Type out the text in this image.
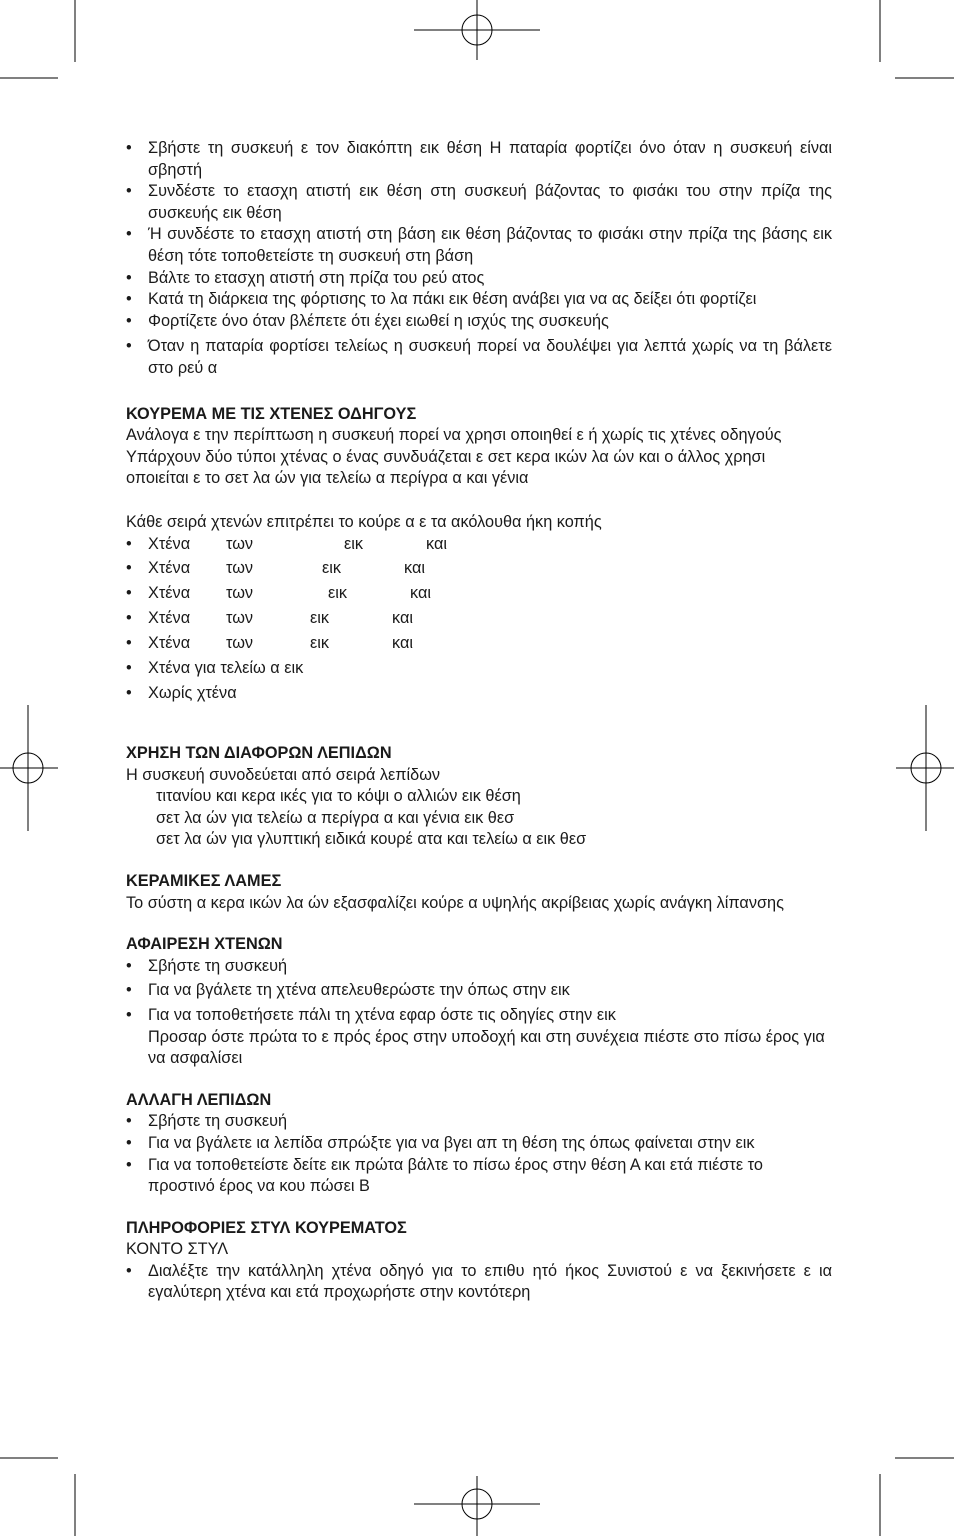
• Σβήστε τη συσκευή ε τον διακόπτη εικ θέση Η παταρία φορτίζει όνο όταν η συσκευή είναι σβηστή
• Συνδέστε το ετασχη ατιστή εικ θέση στη συσκευή βάζοντας το φισάκι του στην πρίζα της συσκευής εικ θέση
• Ή συνδέστε το ετασχη ατιστή στη βάση εικ θέση βάζοντας το φισάκι στην πρίζα της βάσης εικ θέση τότε τοποθετείστε τη συσκευή στη βάση
• Βάλτε το ετασχη ατιστή στη πρίζα του ρεύ ατος
• Κατά τη διάρκεια της φόρτισης το λα πάκι εικ θέση ανάβει για να ας δείξει ότι φορτίζει
• Φορτίζετε όνο όταν βλέπετε ότι έχει ειωθεί η ισχύς της συσκευής
• Όταν η παταρία φορτίσει τελείως η συσκευή πορεί να δουλέψει για λεπτά χωρίς να τη βάλετε στο ρεύ α
ΚΟΥΡΕΜΑ ΜΕ ΤΙΣ ΧΤΕΝΕΣ ΟΔΗΓΟΥΣ
Ανάλογα ε την περίπτωση η συσκευή πορεί να χρησι οποιηθεί ε ή χωρίς τις χτένες οδηγούς Υπάρχουν δύο τύποι χτένας ο ένας συνδυάζεται ε σετ κερα ικών λα ών και ο άλλος χρησι οποιείται ε το σετ λα ών για τελείω α περίγρα α και γένια
Κάθε σειρά χτενών επιτρέπει το κούρε α ε τα ακόλουθα ήκη κοπής
• Χτένα των	εικ	και
• Χτένα των	εικ	και
• Χτένα των	εικ	και
• Χτένα των	εικ	και
• Χτένα των	εικ	και
• Χτένα για τελείω α εικ
• Χωρίς χτένα
ΧΡΗΣΗ ΤΩΝ ΔΙΑΦΟΡΩΝ ΛΕΠΙΔΩΝ
Η συσκευή συνοδεύεται από σειρά λεπίδων
τιτανίου και κερα ικές για το κόψι ο αλλιών εικ θέση
σετ λα ών για τελείω α περίγρα α και γένια εικ θεσ
σετ λα ών για γλυπτική ειδικά κουρέ ατα και τελείω α εικ θεσ
ΚΕΡΑΜΙΚΕΣ ΛΑΜΕΣ
Το σύστη α κερα ικών λα ών εξασφαλίζει κούρε α υψηλής ακρίβειας χωρίς ανάγκη λίπανσης
ΑΦΑΙΡΕΣΗ ΧΤΕΝΩΝ
• Σβήστε τη συσκευή
• Για να βγάλετε τη χτένα απελευθερώστε την όπως στην εικ
• Για να τοποθετήσετε πάλι τη χτένα εφαρ όστε τις οδηγίες στην εικ
Προσαρ όστε πρώτα το ε πρός έρος στην υποδοχή και στη συνέχεια πιέστε στο πίσω έρος για να ασφαλίσει
ΑΛΛΑΓΗ ΛΕΠΙΔΩΝ
• Σβήστε τη συσκευή
• Για να βγάλετε ια λεπίδα σπρώξτε για να βγει απ τη θέση της όπως φαίνεται στην εικ
• Για να τοποθετείστε δείτε εικ πρώτα βάλτε το πίσω έρος στην θέση Α και ετά πιέστε το προστινό έρος να κου πώσει Β
ΠΛΗΡΟΦΟΡΙΕΣ ΣΤΥΛ ΚΟΥΡΕΜΑΤΟΣ
ΚΟΝΤΟ ΣΤΥΛ
• Διαλέξτε την κατάλληλη χτένα οδηγό για το επιθυ ητό ήκος Συνιστού ε να ξεκινήσετε ε ια εγαλύτερη χτένα και ετά προχωρήστε στην κοντότερη
